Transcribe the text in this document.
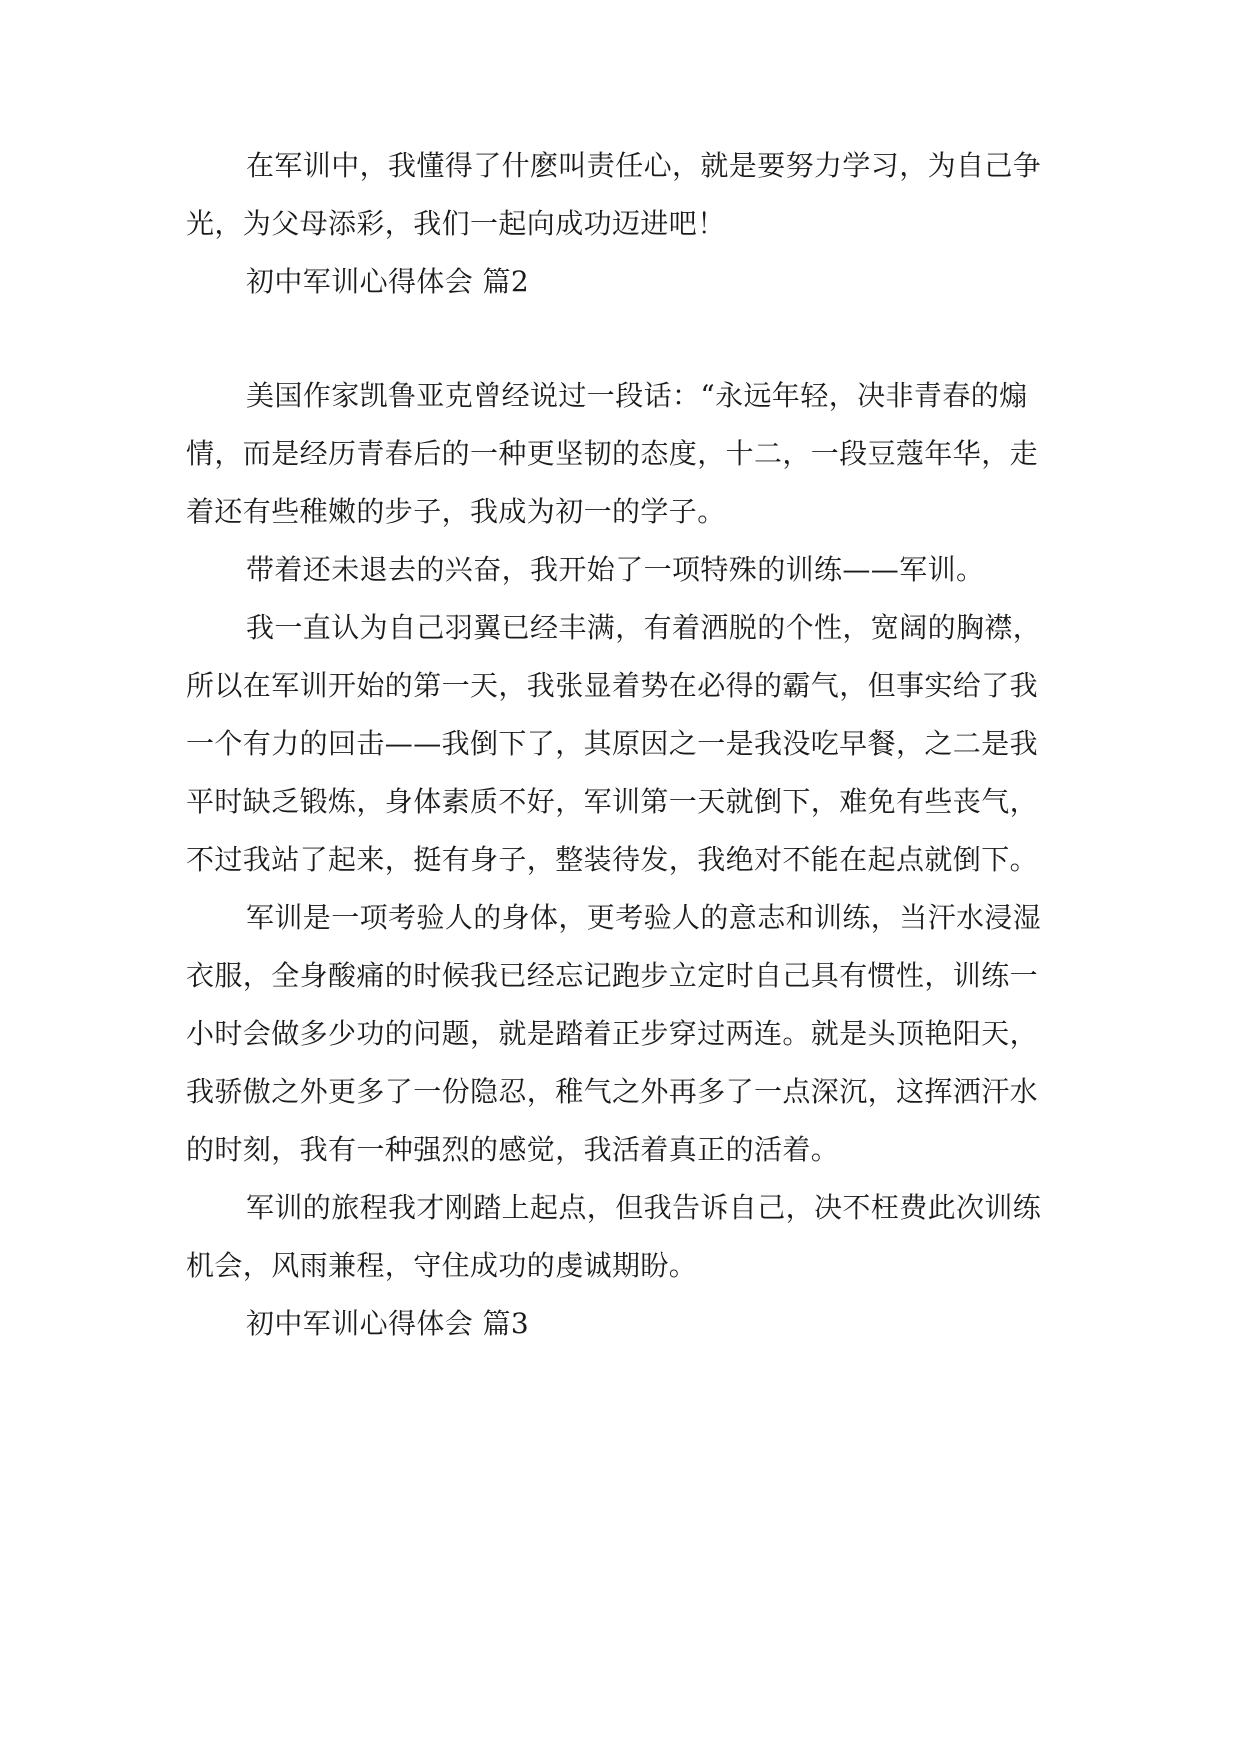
在军训中，我懂得了什麽叫责任心，就是要努力学习，为自己争
光，为父母添彩，我们一起向成功迈进吧！
初中军训心得体会 篇2
美国作家凯鲁亚克曾经说过一段话：“永远年轻，决非青春的煽
情，而是经历青春后的一种更坚韧的态度，十二，一段豆蔻年华，走
着还有些稚嫩的步子，我成为初一的学子。
带着还未退去的兴奋，我开始了一项特殊的训练——军训。
我一直认为自己羽翼已经丰满，有着洒脱的个性，宽阔的胸襟，
所以在军训开始的第一天，我张显着势在必得的霸气，但事实给了我
一个有力的回击——我倒下了，其原因之一是我没吃早餐，之二是我
平时缺乏锻炼，身体素质不好，军训第一天就倒下，难免有些丧气，
不过我站了起来，挺有身子，整装待发，我绝对不能在起点就倒下。
军训是一项考验人的身体，更考验人的意志和训练，当汗水浸湿
衣服，全身酸痛的时候我已经忘记跑步立定时自己具有惯性，训练一
小时会做多少功的问题，就是踏着正步穿过两连。就是头顶艳阳天，
我骄傲之外更多了一份隐忍，稚气之外再多了一点深沉，这挥洒汗水
的时刻，我有一种强烈的感觉，我活着真正的活着。
军训的旅程我才刚踏上起点，但我告诉自己，决不枉费此次训练
机会，风雨兼程，守住成功的虔诚期盼。
初中军训心得体会 篇3
